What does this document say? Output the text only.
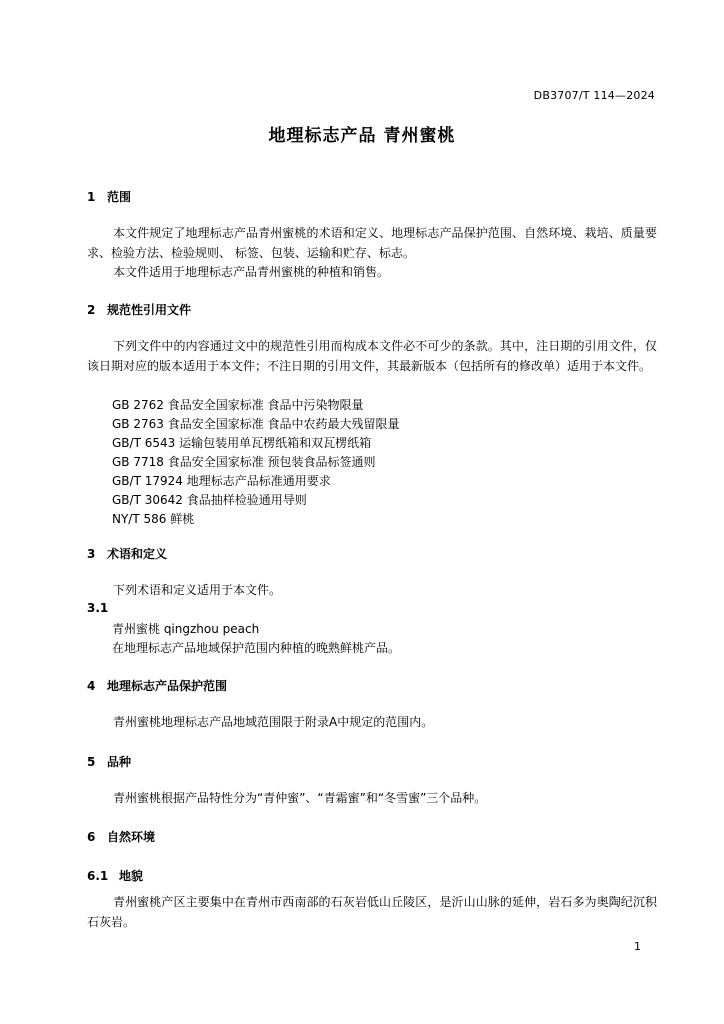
DB3707/T 114—2024
地理标志产品 青州蜜桃
1 范围
本文件规定了地理标志产品青州蜜桃的术语和定义、地理标志产品保护范围、自然环境、栽培、质量要求、检验方法、检验规则、 标签、包装、运输和贮存、标志。
本文件适用于地理标志产品青州蜜桃的种植和销售。
2 规范性引用文件
下列文件中的内容通过文中的规范性引用而构成本文件必不可少的条款。其中，注日期的引用文件，仅该日期对应的版本适用于本文件；不注日期的引用文件，其最新版本（包括所有的修改单）适用于本文件。
GB 2762 食品安全国家标准 食品中污染物限量
GB 2763 食品安全国家标准 食品中农药最大残留限量
GB/T 6543 运输包装用单瓦楞纸箱和双瓦楞纸箱
GB 7718 食品安全国家标准 预包装食品标签通则
GB/T 17924 地理标志产品标准通用要求
GB/T 30642 食品抽样检验通用导则
NY/T 586 鲜桃
3 术语和定义
下列术语和定义适用于本文件。
3.1
青州蜜桃 qingzhou peach
在地理标志产品地域保护范围内种植的晚熟鲜桃产品。
4 地理标志产品保护范围
青州蜜桃地理标志产品地域范围限于附录A中规定的范围内。
5 品种
青州蜜桃根据产品特性分为“青仲蜜”、“青霜蜜”和“冬雪蜜”三个品种。
6 自然环境
6.1 地貌
青州蜜桃产区主要集中在青州市西南部的石灰岩低山丘陵区，是沂山山脉的延伸，岩石多为奥陶纪沉积石灰岩。
1
